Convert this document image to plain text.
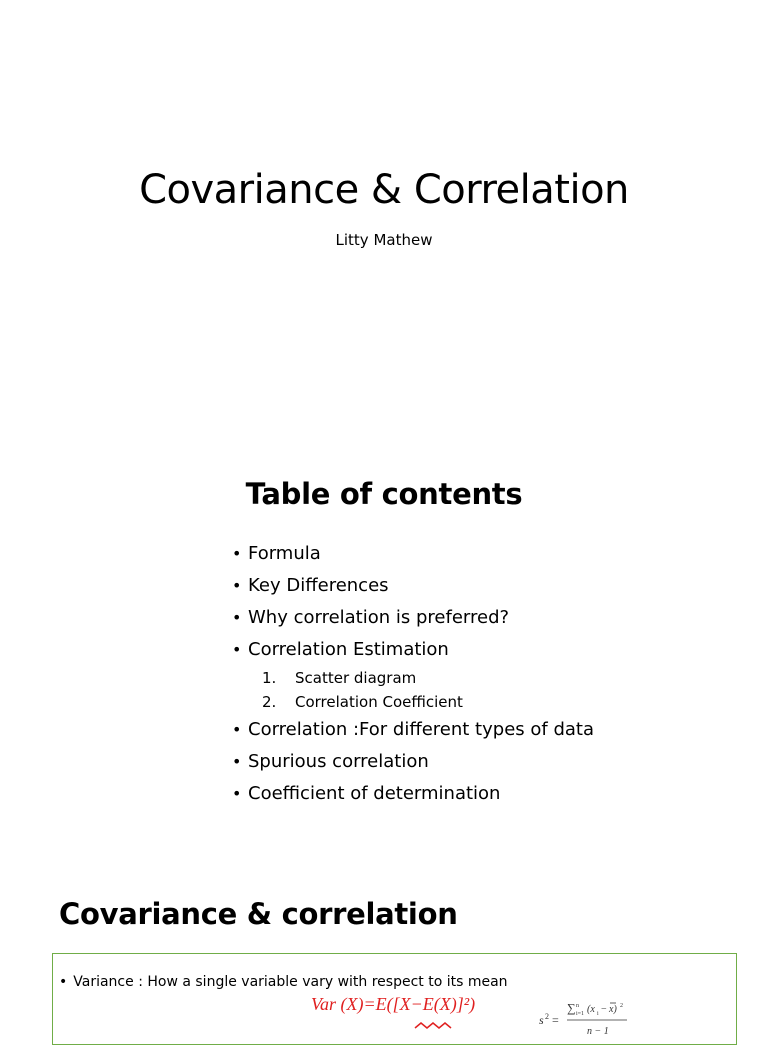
Covariance & Correlation

Litty Mathew

Table of contents
• Formula
• Key Differences
• Why correlation is preferred?
• Correlation Estimation
1. Scatter diagram
2. Correlation Coefficient
• Correlation :For different types of data
• Spurious correlation
• Coefficient of determination
Covariance & correlation
• Variance : How a single variable vary with respect to its mean
Var (X)=E([X−E(X)]²)
s 2 =
∑ n
i=1 (x i − x) 2
n − 1
